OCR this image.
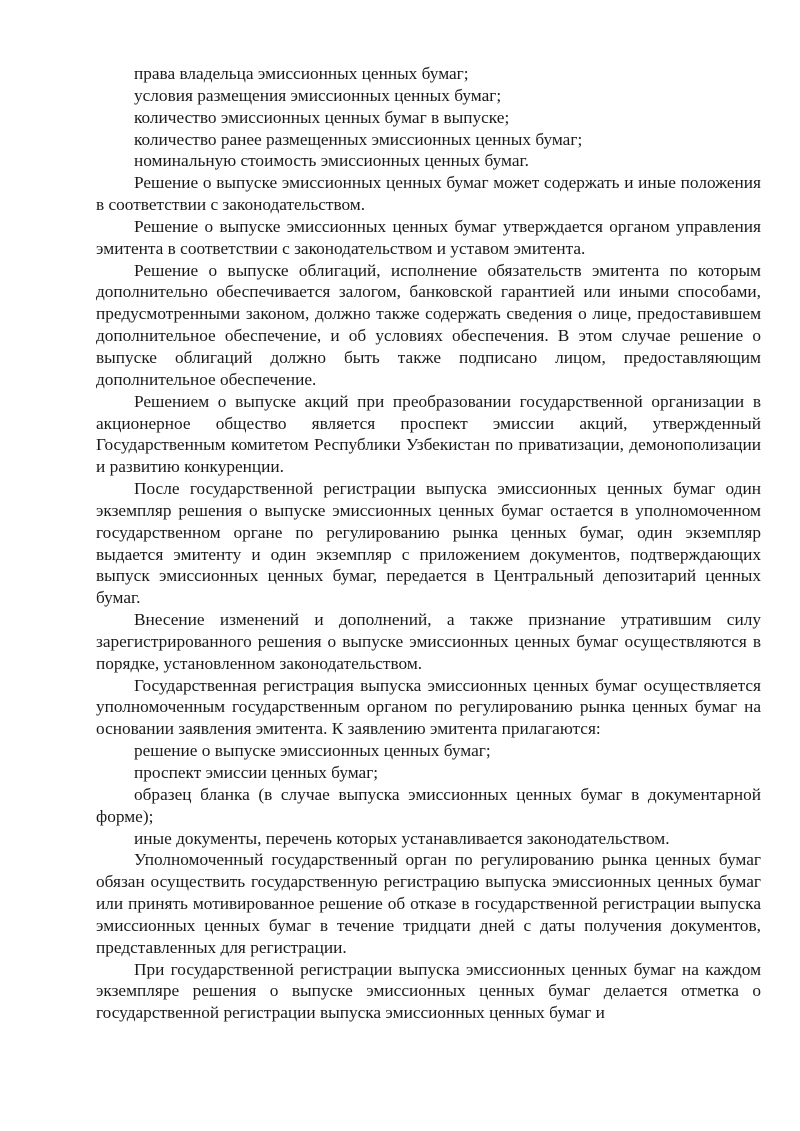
права владельца эмиссионных ценных бумаг;

условия размещения эмиссионных ценных бумаг;

количество эмиссионных ценных бумаг в выпуске;

количество ранее размещенных эмиссионных ценных бумаг;

номинальную стоимость эмиссионных ценных бумаг.

Решение о выпуске эмиссионных ценных бумаг может содержать и иные положения в соответствии с законодательством.

Решение о выпуске эмиссионных ценных бумаг утверждается органом управления эмитента в соответствии с законодательством и уставом эмитента.

Решение о выпуске облигаций, исполнение обязательств эмитента по которым дополнительно обеспечивается залогом, банковской гарантией или иными способами, предусмотренными законом, должно также содержать сведения о лице, предоставившем дополнительное обеспечение, и об условиях обеспечения. В этом случае решение о выпуске облигаций должно быть также подписано лицом, предоставляющим дополнительное обеспечение.

Решением о выпуске акций при преобразовании государственной организации в акционерное общество является проспект эмиссии акций, утвержденный Государственным комитетом Республики Узбекистан по приватизации, демонополизации и развитию конкуренции.

После государственной регистрации выпуска эмиссионных ценных бумаг один экземпляр решения о выпуске эмиссионных ценных бумаг остается в уполномоченном государственном органе по регулированию рынка ценных бумаг, один экземпляр выдается эмитенту и один экземпляр с приложением документов, подтверждающих выпуск эмиссионных ценных бумаг, передается в Центральный депозитарий ценных бумаг.

Внесение изменений и дополнений, а также признание утратившим силу зарегистрированного решения о выпуске эмиссионных ценных бумаг осуществляются в порядке, установленном законодательством.

Государственная регистрация выпуска эмиссионных ценных бумаг осуществляется уполномоченным государственным органом по регулированию рынка ценных бумаг на основании заявления эмитента. К заявлению эмитента прилагаются:

решение о выпуске эмиссионных ценных бумаг;

проспект эмиссии ценных бумаг;

образец бланка (в случае выпуска эмиссионных ценных бумаг в документарной форме);

иные документы, перечень которых устанавливается законодательством.

Уполномоченный государственный орган по регулированию рынка ценных бумаг обязан осуществить государственную регистрацию выпуска эмиссионных ценных бумаг или принять мотивированное решение об отказе в государственной регистрации выпуска эмиссионных ценных бумаг в течение тридцати дней с даты получения документов, представленных для регистрации.

При государственной регистрации выпуска эмиссионных ценных бумаг на каждом экземпляре решения о выпуске эмиссионных ценных бумаг делается отметка о государственной регистрации выпуска эмиссионных ценных бумаг и
